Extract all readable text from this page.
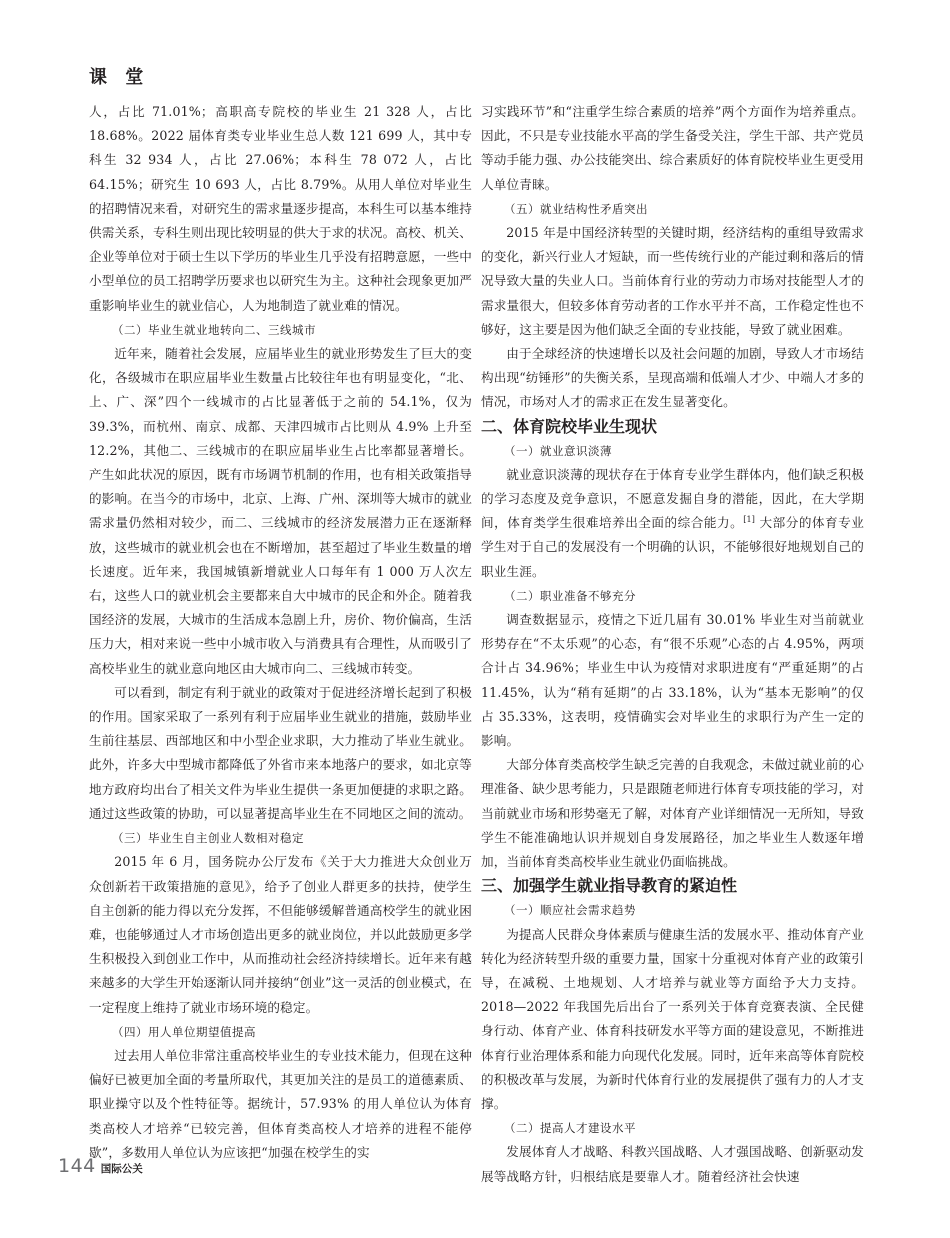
课 堂

人，占比 71.01%；高职高专院校的毕业生 21 328 人，占比 18.68%。2022 届体育类专业毕业生总人数 121 699 人，其中专科生 32 934 人，占比 27.06%；本科生 78 072 人，占比 64.15%；研究生 10 693 人，占比 8.79%。从用人单位对毕业生的招聘情况来看，对研究生的需求量逐步提高，本科生可以基本维持供需关系，专科生则出现比较明显的供大于求的状况。高校、机关、企业等单位对于硕士生以下学历的毕业生几乎没有招聘意愿，一些中小型单位的员工招聘学历要求也以研究生为主。这种社会现象更加严重影响毕业生的就业信心，人为地制造了就业难的情况。

（二）毕业生就业地转向二、三线城市

近年来，随着社会发展，应届毕业生的就业形势发生了巨大的变化，各级城市在职应届毕业生数量占比较往年也有明显变化，“北、上、广、深”四个一线城市的占比显著低于之前的 54.1%，仅为 39.3%，而杭州、南京、成都、天津四城市占比则从 4.9% 上升至 12.2%，其他二、三线城市的在职应届毕业生占比率都显著增长。产生如此状况的原因，既有市场调节机制的作用，也有相关政策指导的影响。在当今的市场中，北京、上海、广州、深圳等大城市的就业需求量仍然相对较少，而二、三线城市的经济发展潜力正在逐渐释放，这些城市的就业机会也在不断增加，甚至超过了毕业生数量的增长速度。近年来，我国城镇新增就业人口每年有 1 000 万人次左右，这些人口的就业机会主要都来自大中城市的民企和外企。随着我国经济的发展，大城市的生活成本急剧上升，房价、物价偏高，生活压力大，相对来说一些中小城市收入与消费具有合理性，从而吸引了高校毕业生的就业意向地区由大城市向二、三线城市转变。

可以看到，制定有利于就业的政策对于促进经济增长起到了积极的作用。国家采取了一系列有利于应届毕业生就业的措施，鼓励毕业生前往基层、西部地区和中小型企业求职，大力推动了毕业生就业。此外，许多大中型城市都降低了外省市来本地落户的要求，如北京等地方政府均出台了相关文件为毕业生提供一条更加便捷的求职之路。通过这些政策的协助，可以显著提高毕业生在不同地区之间的流动。

（三）毕业生自主创业人数相对稳定

2015 年 6 月，国务院办公厅发布《关于大力推进大众创业万众创新若干政策措施的意见》，给予了创业人群更多的扶持，使学生自主创新的能力得以充分发挥，不但能够缓解普通高校学生的就业困难，也能够通过人才市场创造出更多的就业岗位，并以此鼓励更多学生积极投入到创业工作中，从而推动社会经济持续增长。近年来有越来越多的大学生开始逐渐认同并接纳“创业”这一灵活的创业模式，在一定程度上维持了就业市场环境的稳定。

（四）用人单位期望值提高

过去用人单位非常注重高校毕业生的专业技术能力，但现在这种偏好已被更加全面的考量所取代，其更加关注的是员工的道德素质、职业操守以及个性特征等。据统计，57.93% 的用人单位认为体育类高校人才培养“已较完善，但体育类高校人才培养的进程不能停歇”，多数用人单位认为应该把“加强在校学生的实

习实践环节”和“注重学生综合素质的培养”两个方面作为培养重点。因此，不只是专业技能水平高的学生备受关注，学生干部、共产党员等动手能力强、办公技能突出、综合素质好的体育院校毕业生更受用人单位青睐。

（五）就业结构性矛盾突出

2015 年是中国经济转型的关键时期，经济结构的重组导致需求的变化，新兴行业人才短缺，而一些传统行业的产能过剩和落后的情况导致大量的失业人口。当前体育行业的劳动力市场对技能型人才的需求量很大，但较多体育劳动者的工作水平并不高，工作稳定性也不够好，这主要是因为他们缺乏全面的专业技能，导致了就业困难。

由于全球经济的快速增长以及社会问题的加剧，导致人才市场结构出现“纺锤形”的失衡关系，呈现高端和低端人才少、中端人才多的情况，市场对人才的需求正在发生显著变化。

二、体育院校毕业生现状

（一）就业意识淡薄

就业意识淡薄的现状存在于体育专业学生群体内，他们缺乏积极的学习态度及竞争意识，不愿意发掘自身的潜能，因此，在大学期间，体育类学生很难培养出全面的综合能力。[1] 大部分的体育专业学生对于自己的发展没有一个明确的认识，不能够很好地规划自己的职业生涯。

（二）职业准备不够充分

调查数据显示，疫情之下近几届有 30.01% 毕业生对当前就业形势存在“不太乐观”的心态，有“很不乐观”心态的占 4.95%，两项合计占 34.96%；毕业生中认为疫情对求职进度有“严重延期”的占 11.45%，认为“稍有延期”的占 33.18%，认为“基本无影响”的仅占 35.33%，这表明，疫情确实会对毕业生的求职行为产生一定的影响。

大部分体育类高校学生缺乏完善的自我观念，未做过就业前的心理准备、缺少思考能力，只是跟随老师进行体育专项技能的学习，对当前就业市场和形势毫无了解，对体育产业详细情况一无所知，导致学生不能准确地认识并规划自身发展路径，加之毕业生人数逐年增加，当前体育类高校毕业生就业仍面临挑战。

三、加强学生就业指导教育的紧迫性

（一）顺应社会需求趋势

为提高人民群众身体素质与健康生活的发展水平、推动体育产业转化为经济转型升级的重要力量，国家十分重视对体育产业的政策引导，在减税、土地规划、人才培养与就业等方面给予大力支持。2018—2022 年我国先后出台了一系列关于体育竞赛表演、全民健身行动、体育产业、体育科技研发水平等方面的建设意见，不断推进体育行业治理体系和能力向现代化发展。同时，近年来高等体育院校的积极改革与发展，为新时代体育行业的发展提供了强有力的人才支撑。

（二）提高人才建设水平

发展体育人才战略、科教兴国战略、人才强国战略、创新驱动发展等战略方针，归根结底是要靠人才。随着经济社会快速

144 国际公关
